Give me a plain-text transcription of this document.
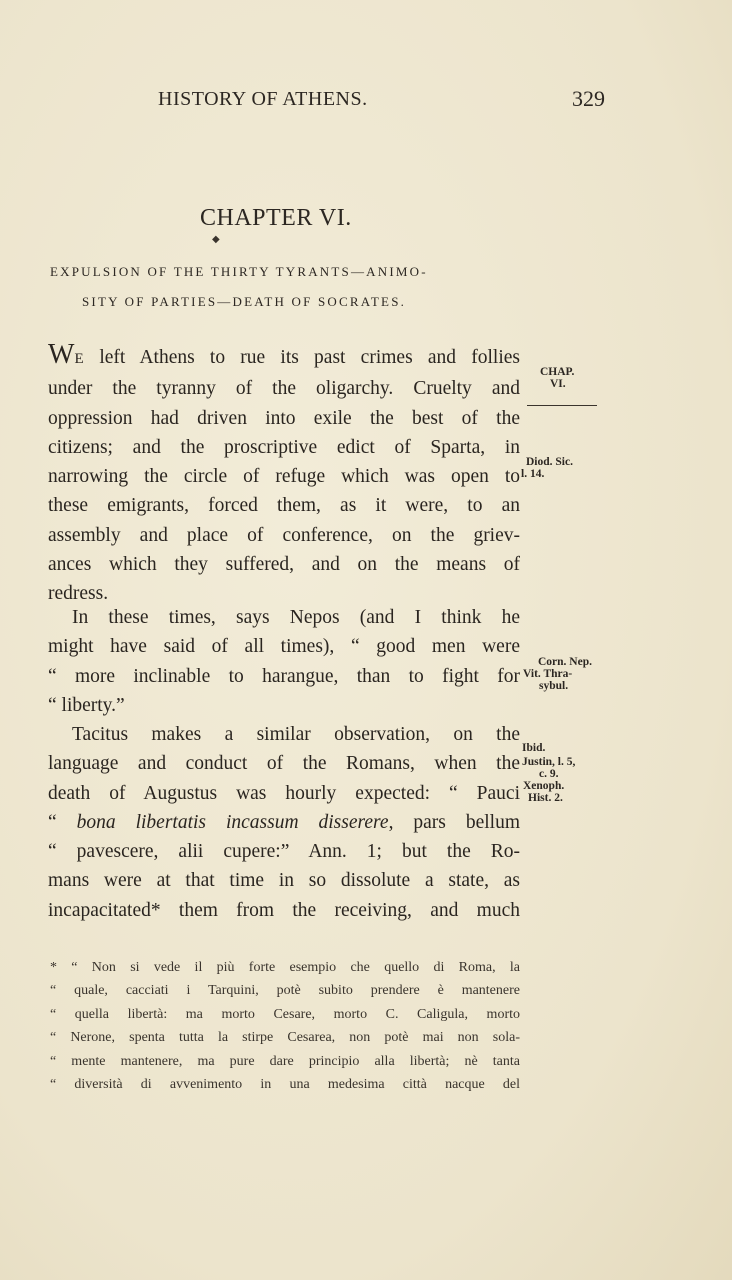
HISTORY OF ATHENS.	329
CHAPTER VI.
◆
EXPULSION OF THE THIRTY TYRANTS—ANIMO-
SITY OF PARTIES—DEATH OF SOCRATES.
WE left Athens to rue its past crimes and follies
under the tyranny of the oligarchy. Cruelty and
oppression had driven into exile the best of the
citizens; and the proscriptive edict of Sparta, in
narrowing the circle of refuge which was open to
these emigrants, forced them, as it were, to an
assembly and place of conference, on the griev-
ances which they suffered, and on the means of
redress.
In these times, says Nepos (and I think he
might have said of all times), “ good men were
“ more inclinable to harangue, than to fight for
“ liberty.”
Tacitus makes a similar observation, on the
language and conduct of the Romans, when the
death of Augustus was hourly expected: “ Pauci
“ bona libertatis incassum disserere, pars bellum
“ pavescere, alii cupere:” Ann. 1; but the Ro-
mans were at that time in so dissolute a state, as
incapacitated* them from the receiving, and much
CHAP.
VI.
Diod. Sic.
l. 14.
Corn. Nep.
Vit. Thra-
sybul.
Ibid.
Justin, l. 5,
c. 9.
Xenoph.
Hist. 2.
* “ Non si vede il più forte esempio che quello di Roma, la
“ quale, cacciati i Tarquini, potè subito prendere è mantenere
“ quella libertà: ma morto Cesare, morto C. Caligula, morto
“ Nerone, spenta tutta la stirpe Cesarea, non potè mai non sola-
“ mente mantenere, ma pure dare principio alla libertà; nè tanta
“ diversità di avvenimento in una medesima città nacque del
